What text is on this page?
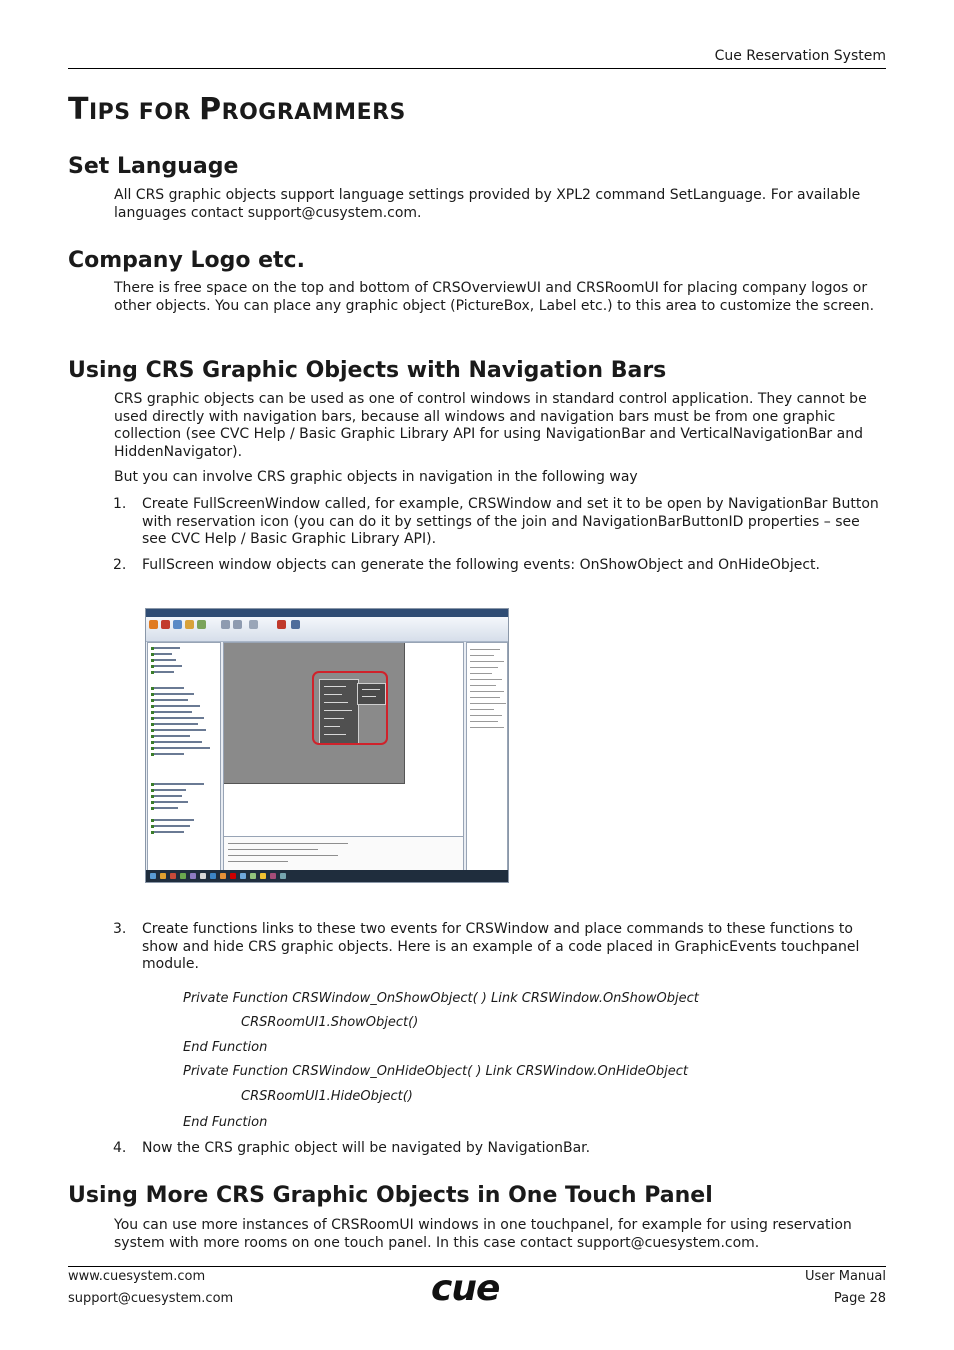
Cue Reservation System
TIPS FOR PROGRAMMERS
Set Language

All CRS graphic objects support language settings provided by XPL2 command SetLanguage. For available languages contact support@cusystem.com.

Company Logo etc.

There is free space on the top and bottom of CRSOverviewUI and CRSRoomUI for placing company logos or other objects. You can place any graphic object (PictureBox, Label etc.) to this area to customize the screen.

Using CRS Graphic Objects with Navigation Bars

CRS graphic objects can be used as one of control windows in standard control application. They cannot be used directly with navigation bars, because all windows and navigation bars must be from one graphic collection (see CVC Help / Basic Graphic Library API for using NavigationBar and VerticalNavigationBar and HiddenNavigator).

But you can involve CRS graphic objects in navigation in the following way

1. Create FullScreenWindow called, for example, CRSWindow and set it to be open by NavigationBar Button with reservation icon (you can do it by settings of the join and NavigationBarButtonID properties – see see CVC Help / Basic Graphic Library API).

2. FullScreen window objects can generate the following events: OnShowObject and OnHideObject.

3. Create functions links to these two events for CRSWindow and place commands to these functions to show and hide CRS graphic objects. Here is an example of a code placed in GraphicEvents touchpanel module.

Private Function CRSWindow_OnShowObject( ) Link CRSWindow.OnShowObject
CRSRoomUI1.ShowObject()
End Function
Private Function CRSWindow_OnHideObject( ) Link CRSWindow.OnHideObject
CRSRoomUI1.HideObject()
End Function
4. Now the CRS graphic object will be navigated by NavigationBar.

Using More CRS Graphic Objects in One Touch Panel

You can use more instances of CRSRoomUI windows in one touchpanel, for example for using reservation system with more rooms on one touch panel. In this case contact support@cuesystem.com.

www.cuesystem.com
support@cuesystem.com	cue	User Manual
Page 28
